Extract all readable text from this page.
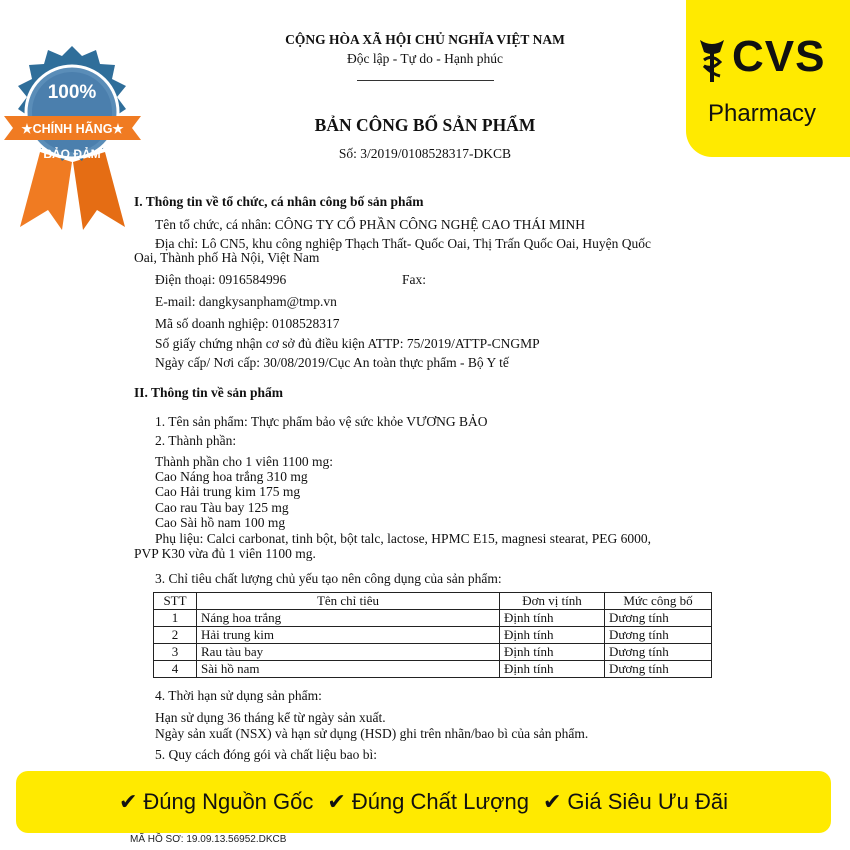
CỘNG HÒA XÃ HỘI CHỦ NGHĨA VIỆT NAM
Độc lập - Tự do - Hạnh phúc
BẢN CÔNG BỐ SẢN PHẨM
Số: 3/2019/0108528317-DKCB
I. Thông tin về tổ chức, cá nhân công bố sản phẩm
Tên tổ chức, cá nhân: CÔNG TY CỔ PHẦN CÔNG NGHỆ CAO THÁI MINH
Địa chỉ: Lô CN5, khu công nghiệp Thạch Thất- Quốc Oai, Thị Trấn Quốc Oai, Huyện Quốc
Oai, Thành phố Hà Nội, Việt Nam
Điện thoại: 0916584996	Fax:
E-mail: dangkysanpham@tmp.vn
Mã số doanh nghiệp: 0108528317
Số giấy chứng nhận cơ sở đủ điều kiện ATTP: 75/2019/ATTP-CNGMP
Ngày cấp/ Nơi cấp: 30/08/2019/Cục An toàn thực phẩm - Bộ Y tế
II. Thông tin về sản phẩm
1. Tên sản phẩm: Thực phẩm bảo vệ sức khỏe VƯƠNG BẢO
2. Thành phần:
Thành phần cho 1 viên 1100 mg:
Cao Náng hoa trắng 310 mg
Cao Hải trung kim 175 mg
Cao rau Tàu bay 125 mg
Cao Sài hồ nam 100 mg
Phụ liệu: Calci carbonat, tinh bột, bột talc, lactose, HPMC E15, magnesi stearat, PEG 6000,
PVP K30 vừa đủ 1 viên 1100 mg.
3. Chỉ tiêu chất lượng chủ yếu tạo nên công dụng của sản phẩm:
STT	Tên chỉ tiêu	Đơn vị tính	Mức công bố
1	Náng hoa trắng	Định tính	Dương tính
2	Hải trung kim	Định tính	Dương tính
3	Rau tàu bay	Định tính	Dương tính
4	Sài hồ nam	Định tính	Dương tính
4. Thời hạn sử dụng sản phẩm:
Hạn sử dụng 36 tháng kể từ ngày sản xuất.
Ngày sản xuất (NSX) và hạn sử dụng (HSD) ghi trên nhãn/bao bì của sản phẩm.
5. Quy cách đóng gói và chất liệu bao bì:
100%
★CHÍNH HÃNG★
BẢO ĐẢM
CVS
Pharmacy
✔ Đúng Nguồn Gốc ✔ Đúng Chất Lượng ✔ Giá Siêu Ưu Đãi
MÃ HỒ SƠ: 19.09.13.56952.DKCB
